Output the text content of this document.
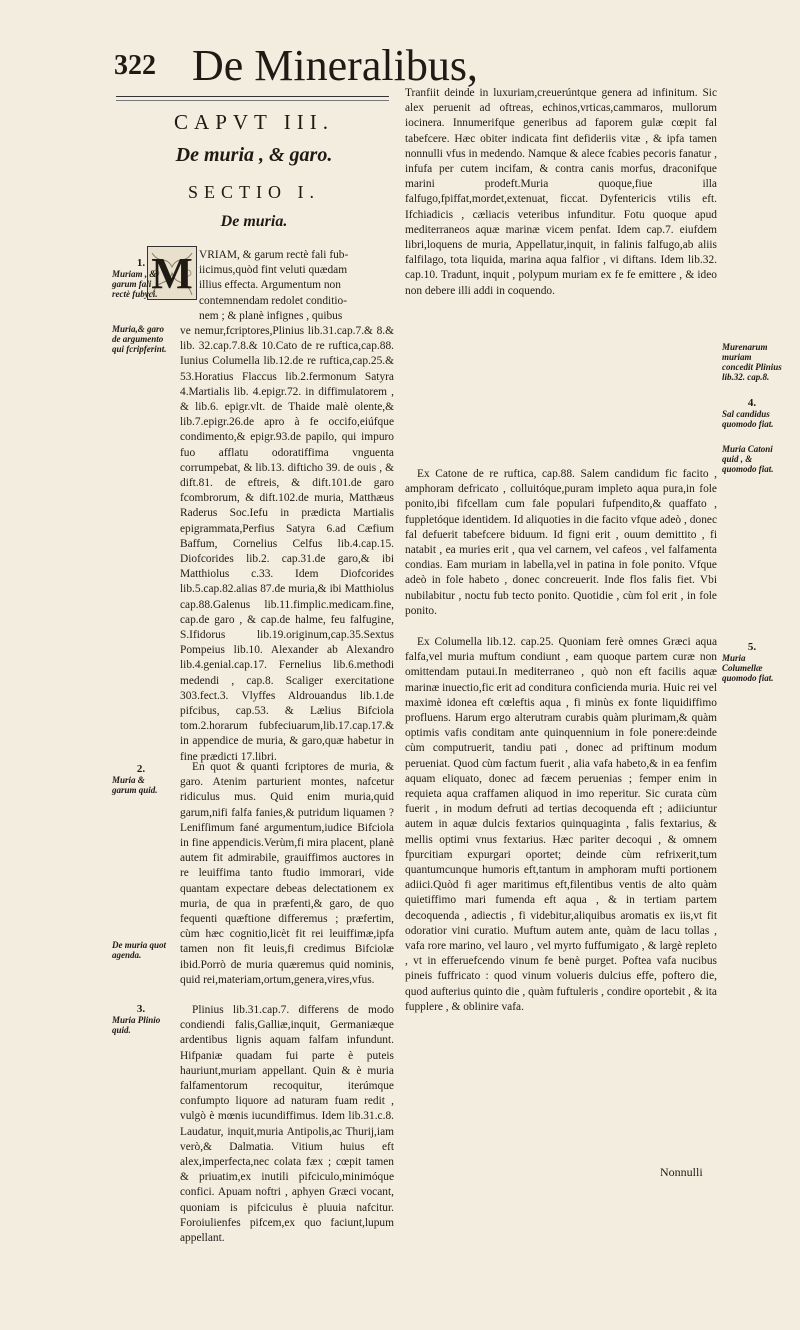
322 De Mineralibus,
CAPVT III.
De muria , & garo.
SECTIO I.
De muria.
M VRIAM, & garum rectè fali fub-
iicimus,quòd fint veluti quædam
illius effecta. Argumentum non
contemnendam redolet conditio-
nem ; & planè infignes , quibus
ve nemur,fcriptores,Plinius lib.31.cap.7.& 8.& lib. 32.cap.7.8.& 10.Cato de re ruftica,cap.88. Iunius Columella lib.12.de re ruftica,cap.25.& 53.Horatius Flaccus lib.2.fermonum Satyra 4.Martialis lib. 4.epigr.72. in diffimulatorem , & lib.6. epigr.vlt. de Thaide malè olente,& lib.7.epigr.26.de apro à fe occifo,eiúfque condimento,& epigr.93.de papilo, qui impuro fuo afflatu odoratiffima vnguenta corrumpebat, & lib.13. difticho 39. de ouis , & dift.81. de eftreis, & dift.101.de garo fcombrorum, & dift.102.de muria, Matthæus Raderus Soc.Iefu in prædicta Martialis epigrammata,Perfius Satyra 6.ad Cæfium Baffum, Cornelius Celfus lib.4.cap.15. Diofcorides lib.2. cap.31.de garo,& ibi Matthiolus c.33. Idem Diofcorides lib.5.cap.82.alias 87.de muria,& ibi Matthiolus cap.88.Galenus lib.11.fimplic.medicam.fine, cap.de garo , & cap.de halme, feu falfugine, S.Ifidorus lib.19.originum,cap.35.Sextus Pompeius lib.10. Alexander ab Alexandro lib.4.genial.cap.17. Fernelius lib.6.methodi medendi , cap.8. Scaliger exercitatione 303.fect.3. Vlyffes Aldrouandus lib.1.de pifcibus, cap.53. & Lælius Bifciola tom.2.horarum fubfeciuarum,lib.17.cap.17.& in appendice de muria, & garo,quæ habetur in fine prædicti 17.libri.
En quot & quanti fcriptores de muria, & garo. Atenim parturient montes, nafcetur ridiculus mus. Quid enim muria,quid garum,nifi falfa fanies,& putridum liquamen ? Lenifſimum fané argumentum,iudice Bifciola in fine appendicis.Verùm,fi mira placent, planè autem fit admirabile, grauiffimos auctores in re leuiffima tanto ftudio immorari, vide quantam expectare debeas delectationem ex muria, de qua in præfenti,& garo, de quo fequenti quæftione differemus ; præfertim, cùm hæc cognitio,licèt fit rei leuiffimæ,ipfa tamen non fit leuis,fi credimus Bifciolæ ibid.Porrò de muria quæremus quid nominis, quid rei,materiam,ortum,genera,vires,vfus.
Plinius lib.31.cap.7. differens de modo condiendi falis,Galliæ,inquit, Germaniæque ardentibus lignis aquam falfam infundunt. Hifpaniæ quadam fui parte è puteis hauriunt,muriam appellant. Quin & è muria falfamentorum recoquitur, iterúmque confumpto liquore ad naturam fuam redit , vulgò è mœnis iucundiffimus. Idem lib.31.c.8. Laudatur, inquit,muria Antipolis,ac Thurij,iam verò,& Dalmatia. Vitium huius eft alex,imperfecta,nec colata fæx ; cœpit tamen & priuatim,ex inutili pifciculo,minimóque confici. Apuam noftri , aphyen Græci vocant, quoniam is pifciculus è pluuia nafcitur. Foroiulienfes pifcem,ex quo faciunt,lupum appellant.
Tranfiit deinde in luxuriam,creuerúntque genera ad infinitum. Sic alex peruenit ad oftreas, echinos,vrticas,cammaros, mullorum iocinera. Innumerifque generibus ad faporem gulæ cœpit fal tabefcere. Hæc obiter indicata fint defideriis vitæ , & ipfa tamen nonnulli vfus in medendo. Namque & alece fcabies pecoris fanatur , infufa per cutem incifam, & contra canis morfus, draconifque marini prodeft.Muria quoque,fiue illa falfugo,fpiffat,mordet,extenuat, ficcat. Dyfentericis vtilis eft. Ifchiadicis , cæliacis veteribus infunditur. Fotu quoque apud mediterraneos aquæ marinæ vicem penfat. Idem cap.7. eiufdem libri,loquens de muria, Appellatur,inquit, in falinis falfugo,ab aliis falfilago, tota liquida, marina aqua falfior , vi diftans. Idem lib.32. cap.10. Tradunt, inquit , polypum muriam ex fe fe emittere , & ideo non debere illi addi in coquendo.
Ex Catone de re ruftica, cap.88. Salem candidum fic facito , amphoram defricato , colluitóque,puram impleto aqua pura,in fole ponito,ibi fifcellam cum fale populari fufpendito,& quaffato , fuppletóque identidem. Id aliquoties in die facito vfque adeò , donec fal defuerit tabefcere biduum. Id figni erit , ouum demittito , fi natabit , ea muries erit , qua vel carnem, vel cafeos , vel falfamenta condias. Eam muriam in labella,vel in patina in fole ponito. Vfque adeò in fole habeto , donec concreuerit. Inde flos falis fiet. Vbi nubilabitur , noctu fub tecto ponito. Quotidie , cùm fol erit , in fole ponito.
Ex Columella lib.12. cap.25. Quoniam ferè omnes Græci aqua falfa,vel muria muftum condiunt , eam quoque partem curæ non omittendam putaui.In mediterraneo , quò non eft facilis aquæ marinæ inuectio,fic erit ad conditura confìcienda muria. Huic rei vel maximè idonea eft cœleftis aqua , fi minùs ex fonte liquidiffimo profluens. Harum ergo alterutram curabis quàm plurimam,& quàm optimis vafis conditam ante quinquennium in fole ponere:deinde cùm computruerit, tandiu pati , donec ad priftinum modum perueniat. Quod cùm factum fuerit , alia vafa habeto,& in ea fenfim aquam eliquato, donec ad fæcem peruenias ; femper enim in requieta aqua craffamen aliquod in imo reperitur. Sic curata cùm fuerit , in modum defruti ad tertias decoquenda eft ; adiiciuntur autem in aquæ dulcis fextarios quinquaginta , falis fextarius, & mellis optimi vnus fextarius. Hæc pariter decoqui , & omnem fpurcitiam expurgari oportet; deinde cùm refrixerit,tum quantumcunque humoris eft,tantum in amphoram mufti portionem adiici.Quòd fi ager maritimus eft,filentibus ventis de alto quàm quietiffimo mari fumenda eft aqua , & in tertiam partem decoquenda , adiectis , fi videbitur,aliquibus aromatis ex iis,vt fit odoratior vini curatio. Muftum autem ante, quàm de lacu tollas , vafa rore marino, vel lauro , vel myrto fuffumigato , & largè repleto , vt in efferuefcendo vinum fe benè purget. Poftea vafa nucibus pineis fuffricato : quod vinum volueris dulcius effe, poftero die, quod aufterius quinto die , quàm fuftuleris , condire oportebit , & ita fupplere , & oblinire vafa.
1.
Muriam , & garum fali rectè fubyci.
Muria,& garo de argumento qui fcripferint.
2.
Muria & garum quid.
De muria quot agenda.
3.
Muria Plinio quid.
Murenarum muriam concedit Plinius lib.32. cap.8.
4.
Sal candidus quomodo fiat.
Muria Catoni quid , & quomodo fiat.
5.
Muria Columellæ quomodo fiat.
Nonnulli
